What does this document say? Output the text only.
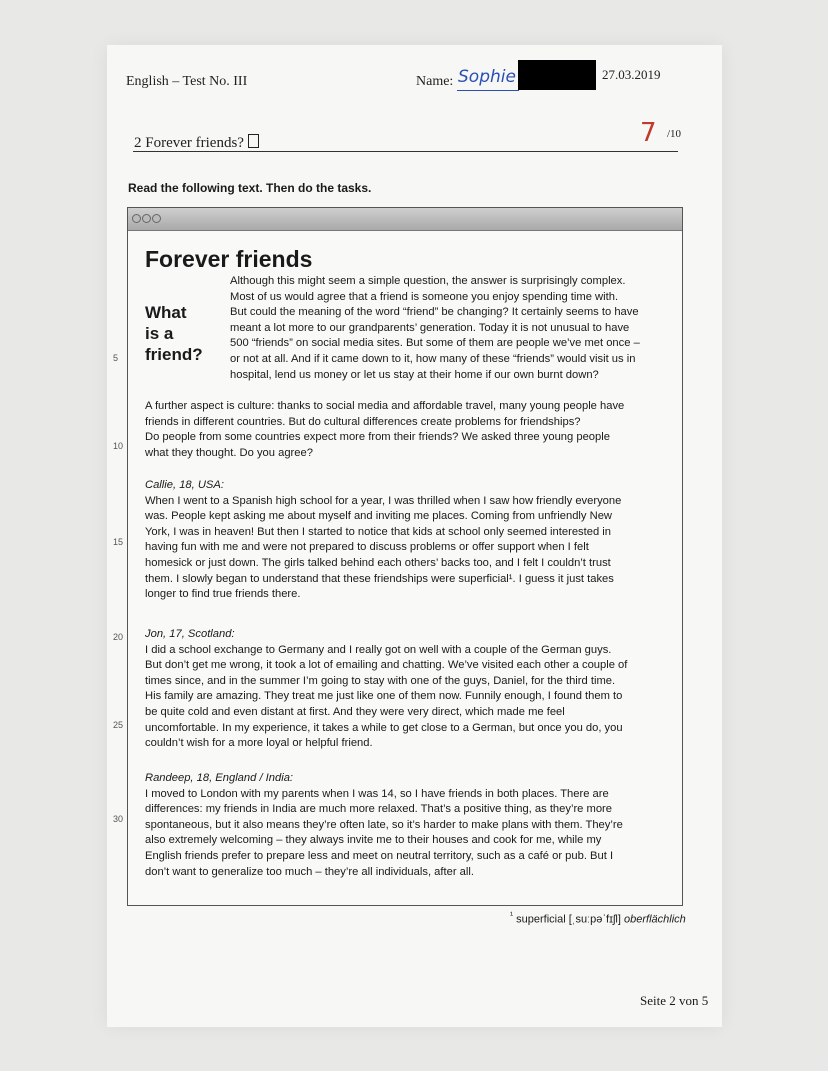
English – Test No. III	Name: Sophie	27.03.2019
2 Forever friends?	7 /10
Read the following text. Then do the tasks.
Forever friends
What
is a
friend?
Although this might seem a simple question, the answer is surprisingly complex.
Most of us would agree that a friend is someone you enjoy spending time with.
But could the meaning of the word “friend” be changing? It certainly seems to have
meant a lot more to our grandparents’ generation. Today it is not unusual to have
500 “friends” on social media sites. But some of them are people we’ve met once –
or not at all. And if it came down to it, how many of these “friends” would visit us in
hospital, lend us money or let us stay at their home if our own burnt down?
A further aspect is culture: thanks to social media and affordable travel, many young people have
friends in different countries. But do cultural differences create problems for friendships?
Do people from some countries expect more from their friends? We asked three young people
what they thought. Do you agree?
Callie, 18, USA:
When I went to a Spanish high school for a year, I was thrilled when I saw how friendly everyone
was. People kept asking me about myself and inviting me places. Coming from unfriendly New
York, I was in heaven! But then I started to notice that kids at school only seemed interested in
having fun with me and were not prepared to discuss problems or offer support when I felt
homesick or just down. The girls talked behind each others’ backs too, and I felt I couldn’t trust
them. I slowly began to understand that these friendships were superficial¹. I guess it just takes
longer to find true friends there.
Jon, 17, Scotland:
I did a school exchange to Germany and I really got on well with a couple of the German guys.
But don’t get me wrong, it took a lot of emailing and chatting. We’ve visited each other a couple of
times since, and in the summer I’m going to stay with one of the guys, Daniel, for the third time.
His family are amazing. They treat me just like one of them now. Funnily enough, I found them to
be quite cold and even distant at first. And they were very direct, which made me feel
uncomfortable. In my experience, it takes a while to get close to a German, but once you do, you
couldn’t wish for a more loyal or helpful friend.
Randeep, 18, England / India:
I moved to London with my parents when I was 14, so I have friends in both places. There are
differences: my friends in India are much more relaxed. That’s a positive thing, as they’re more
spontaneous, but it also means they’re often late, so it’s harder to make plans with them. They’re
also extremely welcoming – they always invite me to their houses and cook for me, while my
English friends prefer to prepare less and meet on neutral territory, such as a café or pub. But I
don’t want to generalize too much – they’re all individuals, after all.
5
10
15
20
25
30
$^{^1}$ superficial [ˌsuːpəˈfɪʃl] oberflächlich
Seite 2 von 5
